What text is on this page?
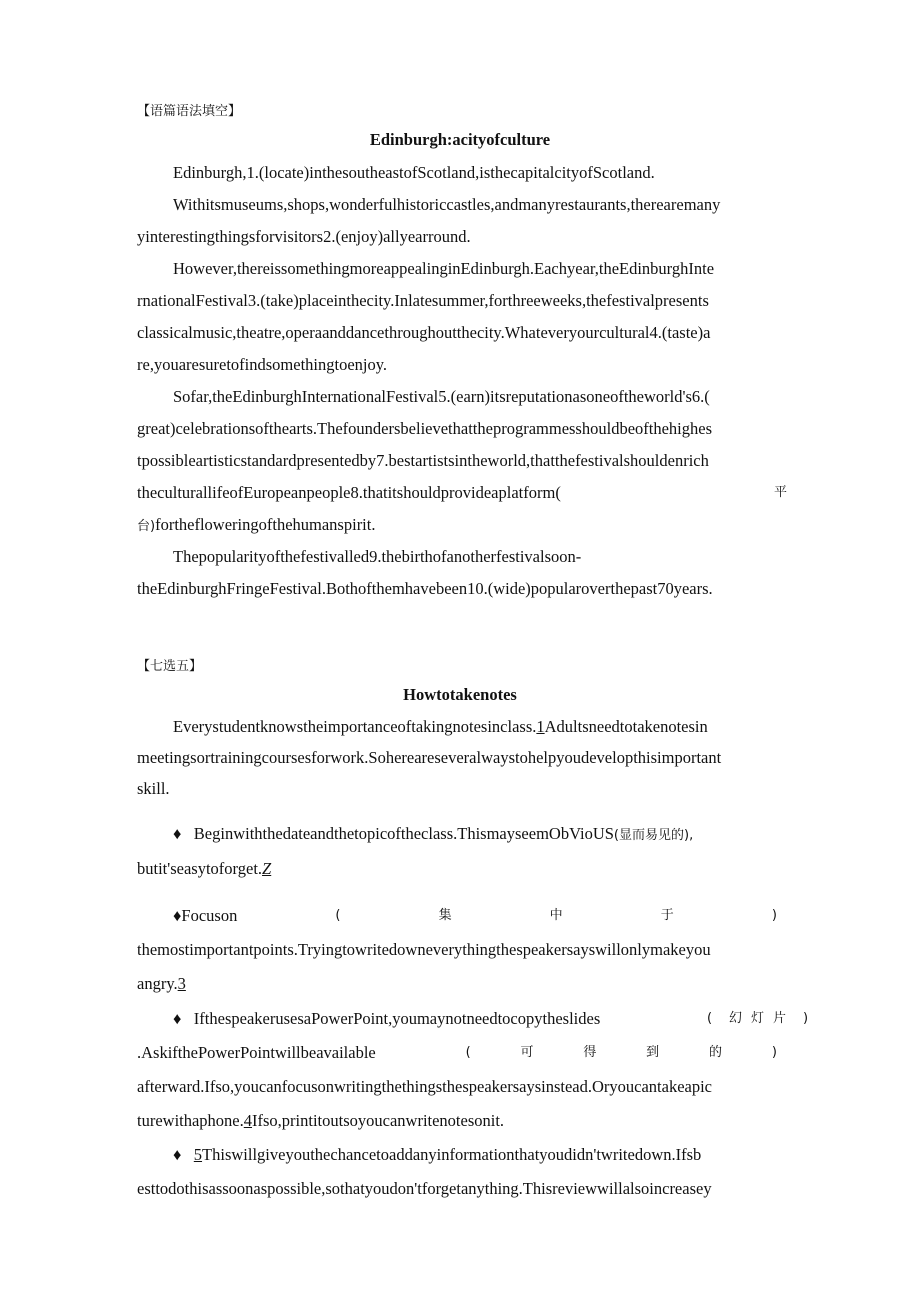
【语篇语法填空】
Edinburgh:acityofculture
Edinburgh,1.(locate)inthesoutheastofScotland,isthecapitalcityofScotland.
Withitsmuseums,shops,wonderfulhistoriccastles,andmanyrestaurants,therearemany
yinterestingthingsforvisitors2.(enjoy)allyearround.
However,thereissomethingmoreappealinginEdinburgh.Eachyear,theEdinburghInte
rnationalFestival3.(take)placeinthecity.Inlatesummer,forthreeweeks,thefestivalpresents
classicalmusic,theatre,operaanddancethroughoutthecity.Whateveryourcultural4.(taste)a
re,youaresuretofindsomethingtoenjoy.
Sofar,theEdinburghInternationalFestival5.(earn)itsreputationasoneoftheworld's6.(
great)celebrationsofthearts.Thefoundersbelievethattheprogrammesshouldbeofthehighes
tpossibleartisticstandardpresentedby7.bestartistsintheworld,thatthefestivalshouldenrich
theculturallifeofEuropeanpeople8.thatitshouldprovideaplatform(	平
台)forthefloweringofthehumanspirit.
Thepopularityofthefestivalled9.thebirthofanotherfestivalsoon-
theEdinburghFringeFestival.Bothofthemhavebeen10.(wide)popularoverthepast70years.
【七选五】
Howtotakenotes
Everystudentknowstheimportanceoftakingnotesinclass.1Adultsneedtotakenotesin
meetingsortrainingcoursesforwork.Sohereareseveralwaystohelpyoudevelopthisimportant
skill.
♦ Beginwiththedateandthetopicoftheclass.ThismayseemObVioUS(显而易见的),
butit'seasytoforget.Z
♦Focuson	(	集	中	于	)
themostimportantpoints.Tryingtowritedowneverythingthespeakersayswillonlymakeyou
angry.3
♦ IfthespeakerusesaPowerPoint,youmaynotneedtocopytheslides	( 幻 灯 片 )
.AskifthePowerPointwillbeavailable	(	可	得	到	的	)
afterward.Ifso,youcanfocusonwritingthethingsthespeakersaysinstead.Oryoucantakeapic
turewithaphone.4Ifso,printitoutsoyoucanwritenotesonit.
♦ 5Thiswillgiveyouthechancetoaddanyinformationthatyoudidn'twritedown.Ifsb
esttodothisassoonaspossible,sothatyoudon'tforgetanything.Thisreviewwillalsoincreasey
